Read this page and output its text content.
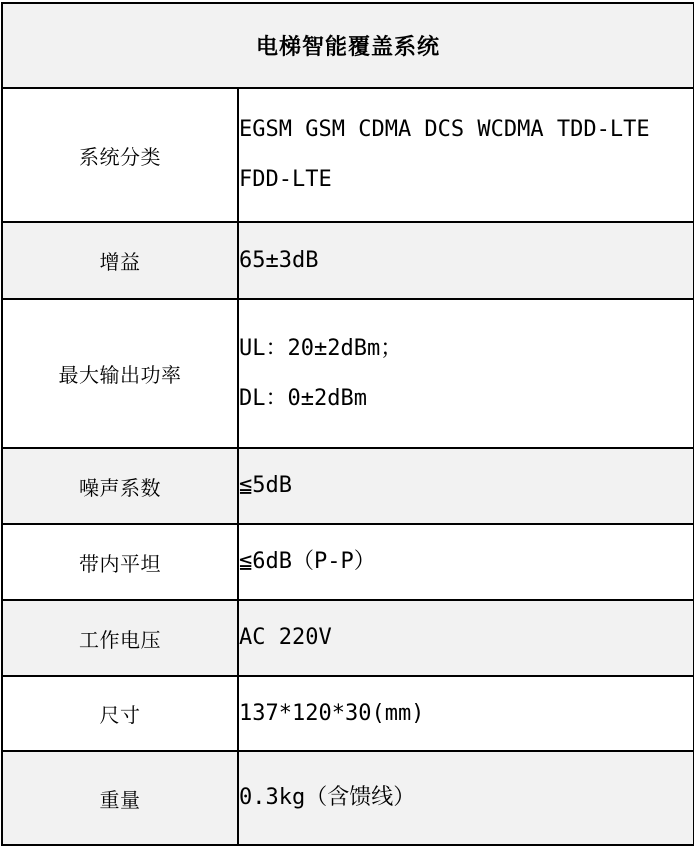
电梯智能覆盖系统	
系统分类	EGSM GSM CDMA DCS WCDMA TDD-LTE
FDD-LTE

增益	65±3dB

最大输出功率	UL：20±2dBm；
DL：0±2dBm

噪声系数	≦5dB

带内平坦	≦6dB（P-P）

工作电压	AC 220V

尺寸	137*120*30(mm)

重量	0.3kg（含馈线）
